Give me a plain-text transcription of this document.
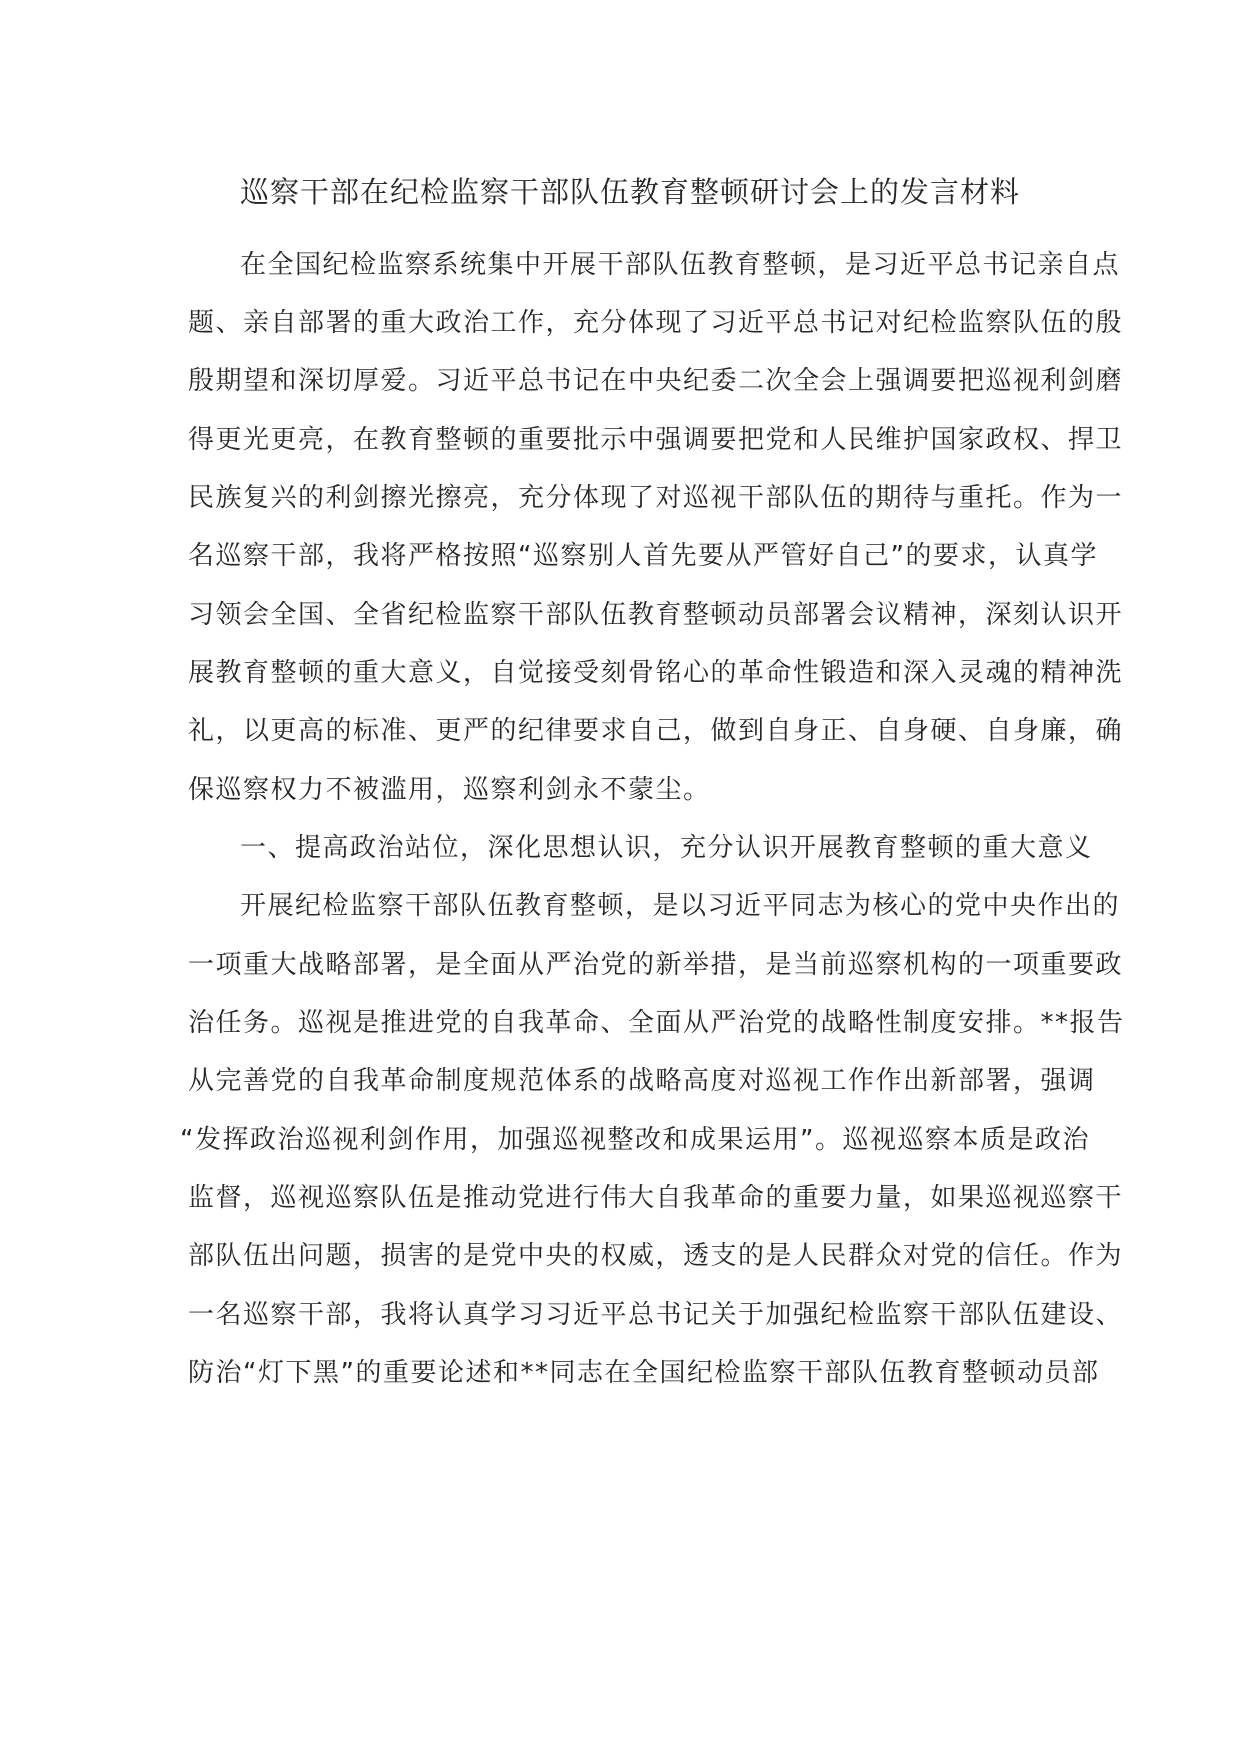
巡察干部在纪检监察干部队伍教育整顿研讨会上的发言材料

在全国纪检监察系统集中开展干部队伍教育整顿，是习近平总书记亲自点

题、亲自部署的重大政治工作，充分体现了习近平总书记对纪检监察队伍的殷

殷期望和深切厚爱。习近平总书记在中央纪委二次全会上强调要把巡视利剑磨

得更光更亮，在教育整顿的重要批示中强调要把党和人民维护国家政权、捍卫

民族复兴的利剑擦光擦亮，充分体现了对巡视干部队伍的期待与重托。作为一

名巡察干部，我将严格按照“巡察别人首先要从严管好自己”的要求，认真学

习领会全国、全省纪检监察干部队伍教育整顿动员部署会议精神，深刻认识开

展教育整顿的重大意义，自觉接受刻骨铭心的革命性锻造和深入灵魂的精神洗

礼，以更高的标准、更严的纪律要求自己，做到自身正、自身硬、自身廉，确

保巡察权力不被滥用，巡察利剑永不蒙尘。

一、提高政治站位，深化思想认识，充分认识开展教育整顿的重大意义

开展纪检监察干部队伍教育整顿，是以习近平同志为核心的党中央作出的

一项重大战略部署，是全面从严治党的新举措，是当前巡察机构的一项重要政

治任务。巡视是推进党的自我革命、全面从严治党的战略性制度安排。**报告

从完善党的自我革命制度规范体系的战略高度对巡视工作作出新部署，强调

“发挥政治巡视利剑作用，加强巡视整改和成果运用”。巡视巡察本质是政治

监督，巡视巡察队伍是推动党进行伟大自我革命的重要力量，如果巡视巡察干

部队伍出问题，损害的是党中央的权威，透支的是人民群众对党的信任。作为

一名巡察干部，我将认真学习习近平总书记关于加强纪检监察干部队伍建设、

防治“灯下黑”的重要论述和**同志在全国纪检监察干部队伍教育整顿动员部
